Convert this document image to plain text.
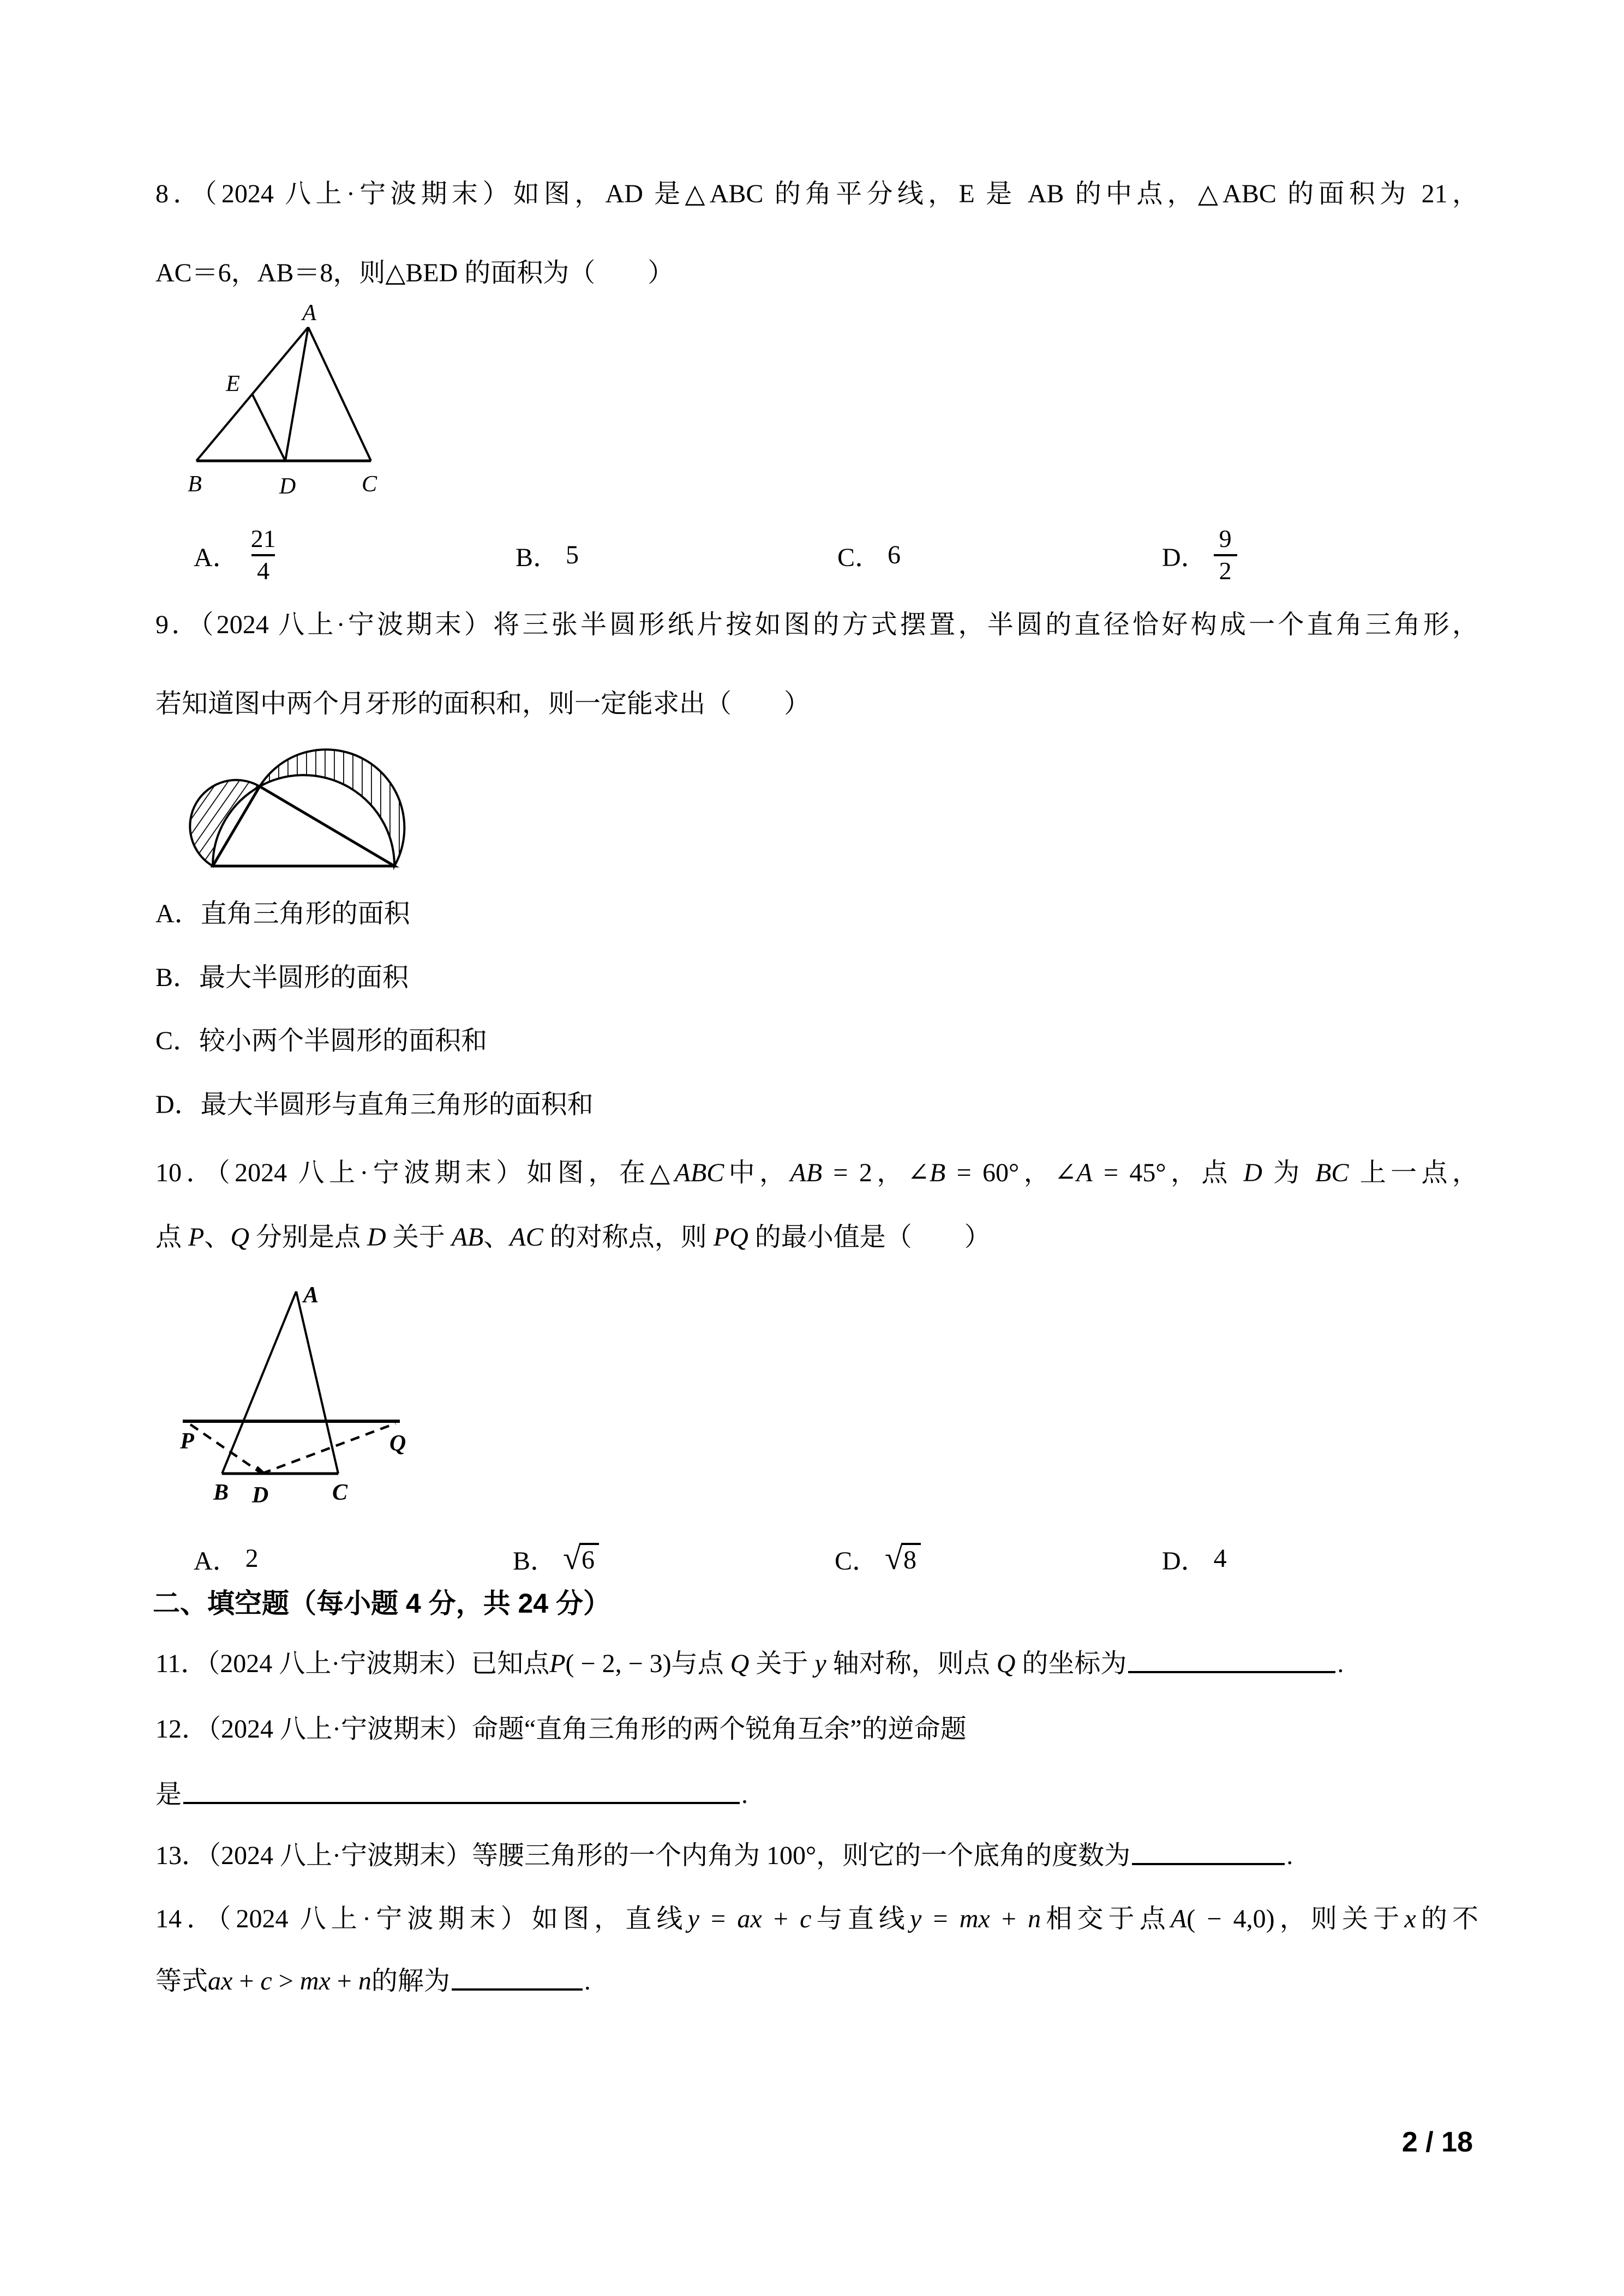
8．（2024 八上·宁波期末）如图，AD 是△ABC 的角平分线，E 是 AB 的中点，△ABC 的面积为 21，
AC＝6，AB＝8，则△BED 的面积为（　　）
A
E
B	D	C
A． $\frac{21}{4}$	B． 5	C． 6	D． $\frac{9}{2}$
9．（2024 八上·宁波期末）将三张半圆形纸片按如图的方式摆置，半圆的直径恰好构成一个直角三角形，
若知道图中两个月牙形的面积和，则一定能求出（　　）
A．直角三角形的面积
B．最大半圆形的面积
C．较小两个半圆形的面积和
D．最大半圆形与直角三角形的面积和
10．（2024 八上·宁波期末）如图，在△ABC中，AB = 2，∠B = 60°，∠A = 45°，点 D 为 BC 上一点，
点 P、Q 分别是点 D 关于 AB、AC 的对称点，则 PQ 的最小值是（　　）
A
P	Q
B D	C
A． 2	B． √ 6	C． √ 8	D． 4
二、填空题（每小题 4 分，共 24 分）
11．（2024 八上·宁波期末）已知点P( − 2, − 3)与点 Q 关于 y 轴对称，则点 Q 的坐标为	.
12．（2024 八上·宁波期末）命题“直角三角形的两个锐角互余”的逆命题
是	.
13．（2024 八上·宁波期末）等腰三角形的一个内角为 100°，则它的一个底角的度数为	.
14．（2024 八上·宁波期末）如图，直线y = ax + c与直线y = mx + n相交于点A( − 4,0)，则关于x的不
等式ax + c > mx + n的解为	.
2 / 18
